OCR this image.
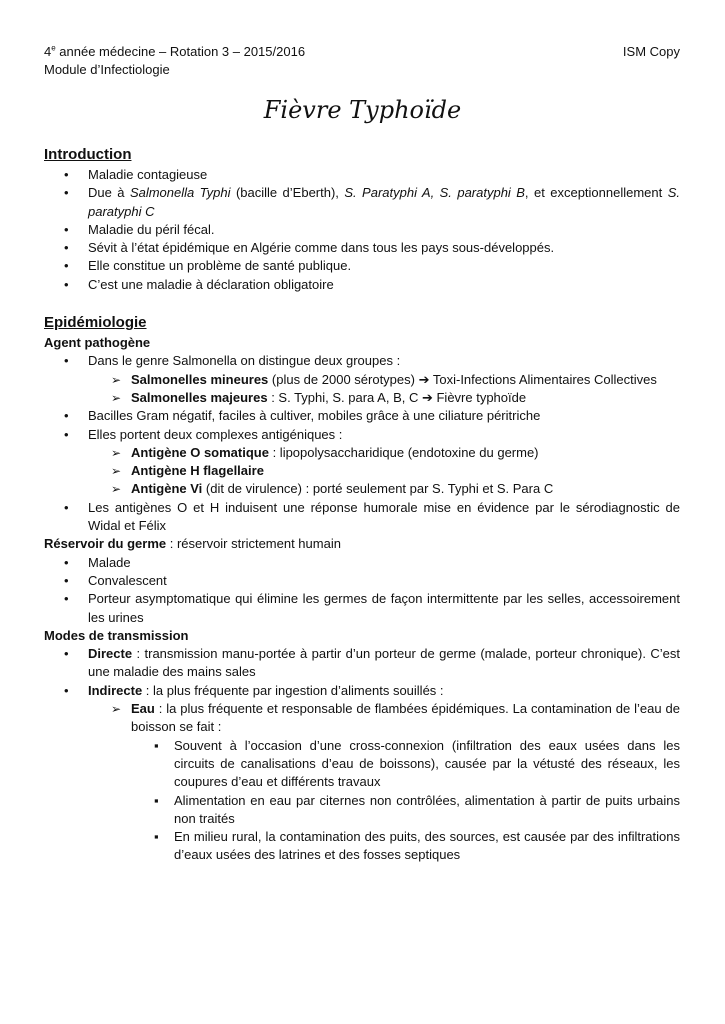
4e année médecine – Rotation 3 – 2015/2016
Module d’Infectiologie
ISM Copy
Fièvre Typhoïde
Introduction
• Maladie contagieuse
• Due à Salmonella Typhi (bacille d’Eberth), S. Paratyphi A, S. paratyphi B, et exceptionnellement S. paratyphi C
• Maladie du péril fécal.
• Sévit à l’état épidémique en Algérie comme dans tous les pays sous-développés.
• Elle constitue un problème de santé publique.
• C’est une maladie à déclaration obligatoire
Epidémiologie
Agent pathogène
• Dans le genre Salmonella on distingue deux groupes :
➢ Salmonelles mineures (plus de 2000 sérotypes) ➔ Toxi-Infections Alimentaires Collectives
➢ Salmonelles majeures : S. Typhi, S. para A, B, C ➔ Fièvre typhoïde
• Bacilles Gram négatif, faciles à cultiver, mobiles grâce à une ciliature péritriche
• Elles portent deux complexes antigéniques :
➢ Antigène O somatique : lipopolysaccharidique (endotoxine du germe)
➢ Antigène H flagellaire
➢ Antigène Vi (dit de virulence) : porté seulement par S. Typhi et S. Para C
• Les antigènes O et H induisent une réponse humorale mise en évidence par le sérodiagnostic de Widal et Félix
Réservoir du germe : réservoir strictement humain
• Malade
• Convalescent
• Porteur asymptomatique qui élimine les germes de façon intermittente par les selles, accessoirement les urines
Modes de transmission
• Directe : transmission manu-portée à partir d’un porteur de germe (malade, porteur chronique). C’est une maladie des mains sales
• Indirecte : la plus fréquente par ingestion d’aliments souillés :
➢ Eau : la plus fréquente et responsable de flambées épidémiques. La contamination de l’eau de boisson se fait :
▪ Souvent à l’occasion d’une cross-connexion (infiltration des eaux usées dans les circuits de canalisations d’eau de boissons), causée par la vétusté des réseaux, les coupures d’eau et différents travaux
▪ Alimentation en eau par citernes non contrôlées, alimentation à partir de puits urbains non traités
▪ En milieu rural, la contamination des puits, des sources, est causée par des infiltrations d’eaux usées des latrines et des fosses septiques
